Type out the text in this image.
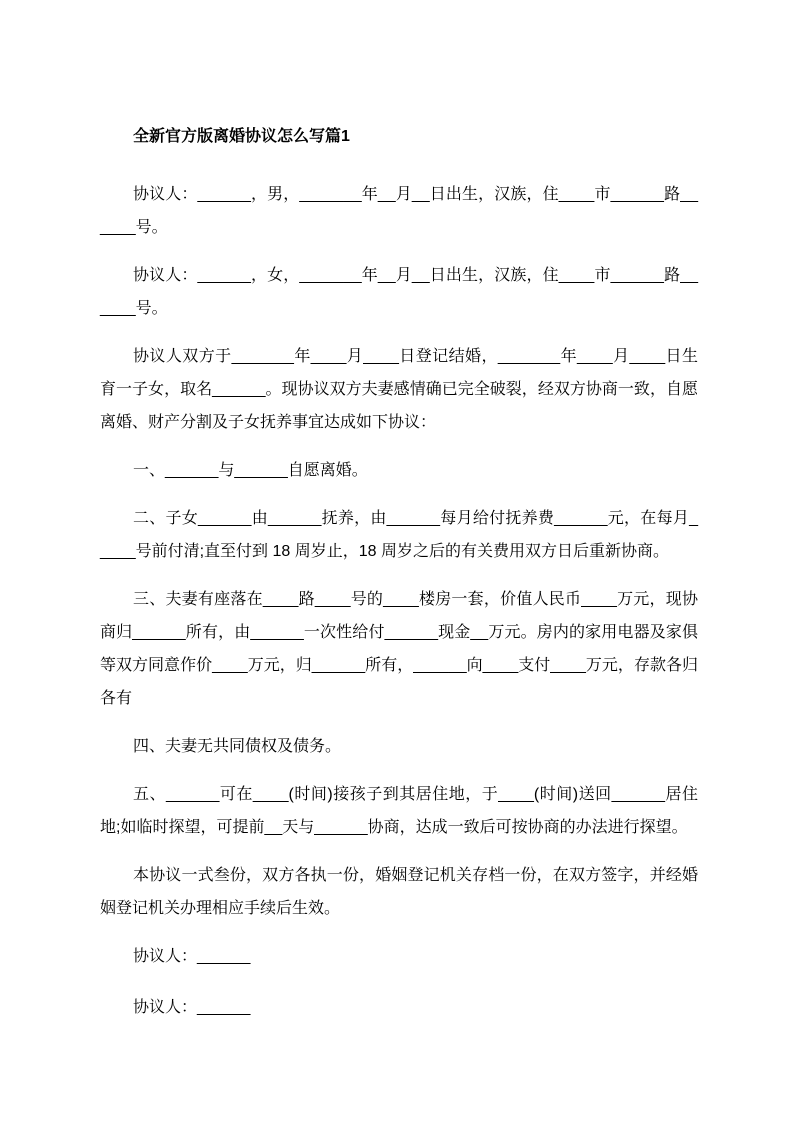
全新官方版离婚协议怎么写篇1

协议人：______，男，_______年__月__日出生，汉族，住____市______路______号。

协议人：______，女，_______年__月__日出生，汉族，住____市______路______号。

协议人双方于_______年____月____日登记结婚，_______年____月____日生育一子女，取名______。现协议双方夫妻感情确已完全破裂，经双方协商一致，自愿离婚、财产分割及子女抚养事宜达成如下协议：

一、______与______自愿离婚。

二、子女______由______抚养，由______每月给付抚养费______元，在每月_____号前付清;直至付到 18 周岁止，18 周岁之后的有关费用双方日后重新协商。

三、夫妻有座落在____路____号的____楼房一套，价值人民币____万元，现协商归______所有，由______一次性给付______现金__万元。房内的家用电器及家俱等双方同意作价____万元，归______所有，______向____支付____万元，存款各归各有

四、夫妻无共同债权及债务。

五、______可在____(时间)接孩子到其居住地，于____(时间)送回______居住地;如临时探望，可提前__天与______协商，达成一致后可按协商的办法进行探望。

本协议一式叁份，双方各执一份，婚姻登记机关存档一份，在双方签字，并经婚姻登记机关办理相应手续后生效。

协议人：______

协议人：______
